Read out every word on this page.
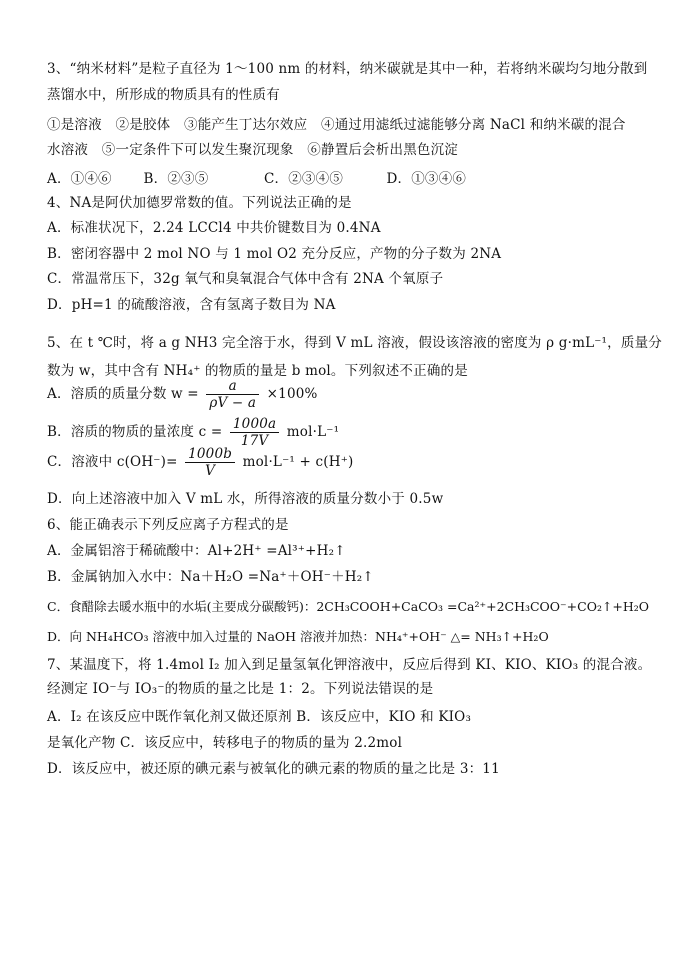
3、“纳米材料”是粒子直径为 1～100 nm 的材料，纳米碳就是其中一种，若将纳米碳均匀地分散到
蒸馏水中，所形成的物质具有的性质有
①是溶液　②是胶体　③能产生丁达尔效应　④通过用滤纸过滤能够分离 NaCl 和纳米碳的混合
水溶液　⑤一定条件下可以发生聚沉现象　⑥静置后会析出黑色沉淀
A．①④⑥ B．②③⑤	C．②③④⑤	D．①③④⑥
4、NA是阿伏加德罗常数的值。下列说法正确的是
A．标准状况下，2.24 LCCl4 中共价键数目为 0.4NA
B．密闭容器中 2 mol NO 与 1 mol O2 充分反应，产物的分子数为 2NA
C．常温常压下，32g 氧气和臭氧混合气体中含有 2NA 个氧原子
D．pH=1 的硫酸溶液，含有氢离子数目为 NA
5、在 t ℃时，将 a g NH3 完全溶于水，得到 V mL 溶液，假设该溶液的密度为 ρ g·mL⁻¹，质量分
数为 w，其中含有 NH₄⁺ 的物质的量是 b mol。下列叙述不正确的是
A．溶质的质量分数 $w = \frac{a}{\rho V - a} \times 100\%$
B．溶质的物质的量浓度 $c = \frac{1000a}{17V} mol\cdot L^{-1}$
C．溶液中 $c(OH^-)= \frac{1000b}{V} mol\cdot L^{-1} + c(H^+)$
D．向上述溶液中加入 V mL 水，所得溶液的质量分数小于 0.5w
6、能正确表示下列反应离子方程式的是
A．金属铝溶于稀硫酸中：Al+2H⁺ =Al³⁺+H₂↑
B．金属钠加入水中：Na＋H₂O =Na⁺＋OH⁻＋H₂↑
C．食醋除去暖水瓶中的水垢(主要成分碳酸钙)：2CH₃COOH+CaCO₃ =Ca²⁺+2CH₃COO⁻+CO₂↑+H₂O
D．向 NH₄HCO₃ 溶液中加入过量的 NaOH 溶液并加热：NH₄⁺+OH⁻ △= NH₃↑+H₂O
7、某温度下，将 1.4mol I₂ 加入到足量氢氧化钾溶液中，反应后得到 KI、KIO、KIO₃ 的混合液。
经测定 IO⁻与 IO₃⁻的物质的量之比是 1：2。下列说法错误的是
A．I₂ 在该反应中既作氧化剂又做还原剂 B．该反应中，KIO 和 KIO₃
是氧化产物 C．该反应中，转移电子的物质的量为 2.2mol
D．该反应中，被还原的碘元素与被氧化的碘元素的物质的量之比是 3：11
